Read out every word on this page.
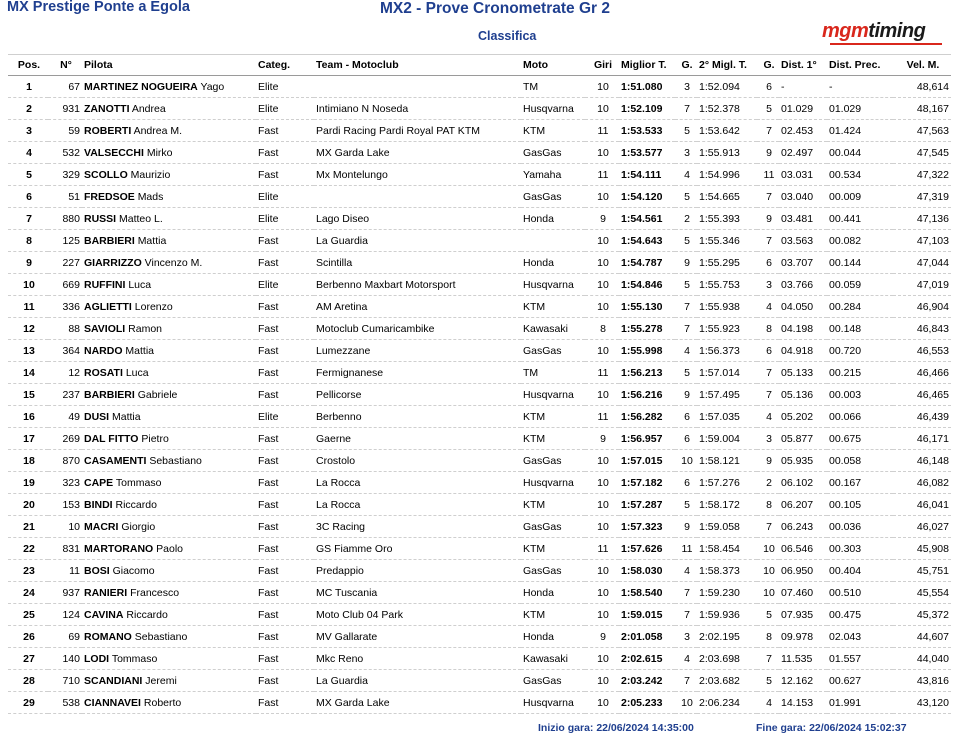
MX Prestige Ponte a Egola	MX2 - Prove Cronometrate Gr 2
Classifica	mgmtiming
Pos.	N°	Pilota	Categ.	Team - Motoclub	Moto	Giri	Miglior T.	G.	2° Migl. T.	G.	Dist. 1°	Dist. Prec.	Vel. M.
1	67	MARTINEZ NOGUEIRA Yago	Elite		TM	10	1:51.080	3	1:52.094	6	-	-	48,614
2	931	ZANOTTI Andrea	Elite	Intimiano N Noseda	Husqvarna	10	1:52.109	7	1:52.378	5	01.029	01.029	48,167
3	59	ROBERTI Andrea M.	Fast	Pardi Racing Pardi Royal PAT KTM	KTM	11	1:53.533	5	1:53.642	7	02.453	01.424	47,563
4	532	VALSECCHI Mirko	Fast	MX Garda Lake	GasGas	10	1:53.577	3	1:55.913	9	02.497	00.044	47,545
5	329	SCOLLO Maurizio	Fast	Mx Montelungo	Yamaha	11	1:54.111	4	1:54.996	11	03.031	00.534	47,322
6	51	FREDSOE Mads	Elite		GasGas	10	1:54.120	5	1:54.665	7	03.040	00.009	47,319
7	880	RUSSI Matteo L.	Elite	Lago Diseo	Honda	9	1:54.561	2	1:55.393	9	03.481	00.441	47,136
8	125	BARBIERI Mattia	Fast	La Guardia		10	1:54.643	5	1:55.346	7	03.563	00.082	47,103
9	227	GIARRIZZO Vincenzo M.	Fast	Scintilla	Honda	10	1:54.787	9	1:55.295	6	03.707	00.144	47,044
10	669	RUFFINI Luca	Elite	Berbenno Maxbart Motorsport	Husqvarna	10	1:54.846	5	1:55.753	3	03.766	00.059	47,019
11	336	AGLIETTI Lorenzo	Fast	AM Aretina	KTM	10	1:55.130	7	1:55.938	4	04.050	00.284	46,904
12	88	SAVIOLI Ramon	Fast	Motoclub Cumaricambike	Kawasaki	8	1:55.278	7	1:55.923	8	04.198	00.148	46,843
13	364	NARDO Mattia	Fast	Lumezzane	GasGas	10	1:55.998	4	1:56.373	6	04.918	00.720	46,553
14	12	ROSATI Luca	Fast	Fermignanese	TM	11	1:56.213	5	1:57.014	7	05.133	00.215	46,466
15	237	BARBIERI Gabriele	Fast	Pellicorse	Husqvarna	10	1:56.216	9	1:57.495	7	05.136	00.003	46,465
16	49	DUSI Mattia	Elite	Berbenno	KTM	11	1:56.282	6	1:57.035	4	05.202	00.066	46,439
17	269	DAL FITTO Pietro	Fast	Gaerne	KTM	9	1:56.957	6	1:59.004	3	05.877	00.675	46,171
18	870	CASAMENTI Sebastiano	Fast	Crostolo	GasGas	10	1:57.015	10	1:58.121	9	05.935	00.058	46,148
19	323	CAPE Tommaso	Fast	La Rocca	Husqvarna	10	1:57.182	6	1:57.276	2	06.102	00.167	46,082
20	153	BINDI Riccardo	Fast	La Rocca	KTM	10	1:57.287	5	1:58.172	8	06.207	00.105	46,041
21	10	MACRI Giorgio	Fast	3C Racing	GasGas	10	1:57.323	9	1:59.058	7	06.243	00.036	46,027
22	831	MARTORANO Paolo	Fast	GS Fiamme Oro	KTM	11	1:57.626	11	1:58.454	10	06.546	00.303	45,908
23	11	BOSI Giacomo	Fast	Predappio	GasGas	10	1:58.030	4	1:58.373	10	06.950	00.404	45,751
24	937	RANIERI Francesco	Fast	MC Tuscania	Honda	10	1:58.540	7	1:59.230	10	07.460	00.510	45,554
25	124	CAVINA Riccardo	Fast	Moto Club 04 Park	KTM	10	1:59.015	7	1:59.936	5	07.935	00.475	45,372
26	69	ROMANO Sebastiano	Fast	MV Gallarate	Honda	9	2:01.058	3	2:02.195	8	09.978	02.043	44,607
27	140	LODI Tommaso	Fast	Mkc Reno	Kawasaki	10	2:02.615	4	2:03.698	7	11.535	01.557	44,040
28	710	SCANDIANI Jeremi	Fast	La Guardia	GasGas	10	2:03.242	7	2:03.682	5	12.162	00.627	43,816
29	538	CIANNAVEI Roberto	Fast	MX Garda Lake	Husqvarna	10	2:05.233	10	2:06.234	4	14.153	01.991	43,120
Inizio gara: 22/06/2024 14:35:00	Fine gara: 22/06/2024 15:02:37
